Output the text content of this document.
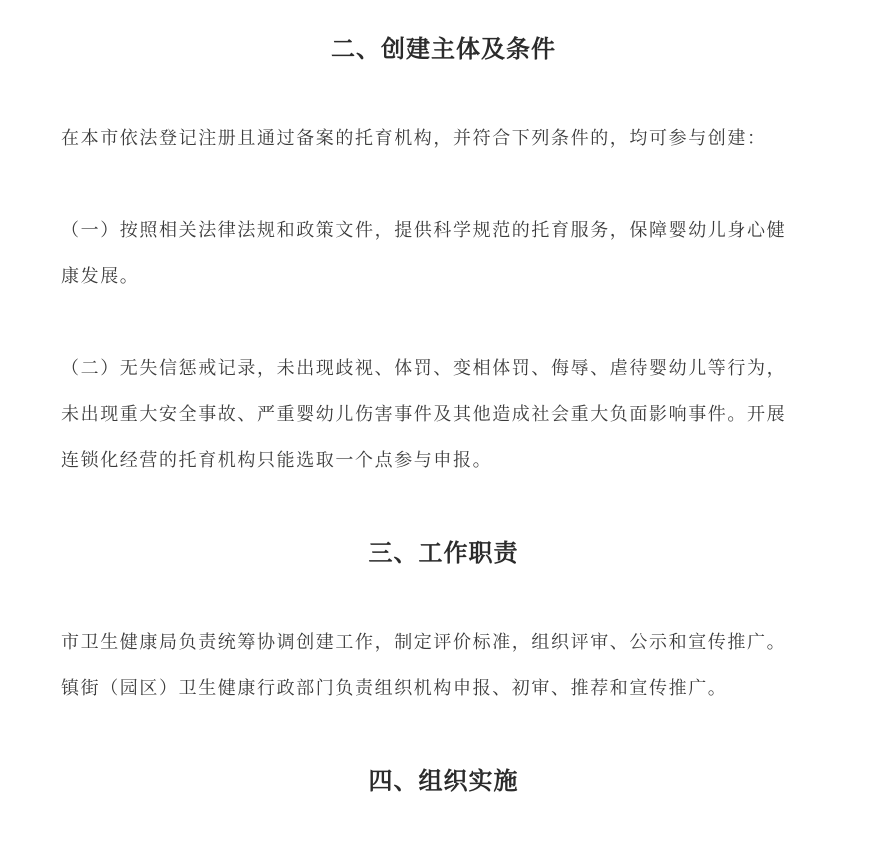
二、创建主体及条件

在本市依法登记注册且通过备案的托育机构，并符合下列条件的，均可参与创建：

（一）按照相关法律法规和政策文件，提供科学规范的托育服务，保障婴幼儿身心健
康发展。

（二）无失信惩戒记录，未出现歧视、体罚、变相体罚、侮辱、虐待婴幼儿等行为，
未出现重大安全事故、严重婴幼儿伤害事件及其他造成社会重大负面影响事件。开展
连锁化经营的托育机构只能选取一个点参与申报。

三、工作职责

市卫生健康局负责统筹协调创建工作，制定评价标准，组织评审、公示和宣传推广。
镇街（园区）卫生健康行政部门负责组织机构申报、初审、推荐和宣传推广。

四、组织实施
